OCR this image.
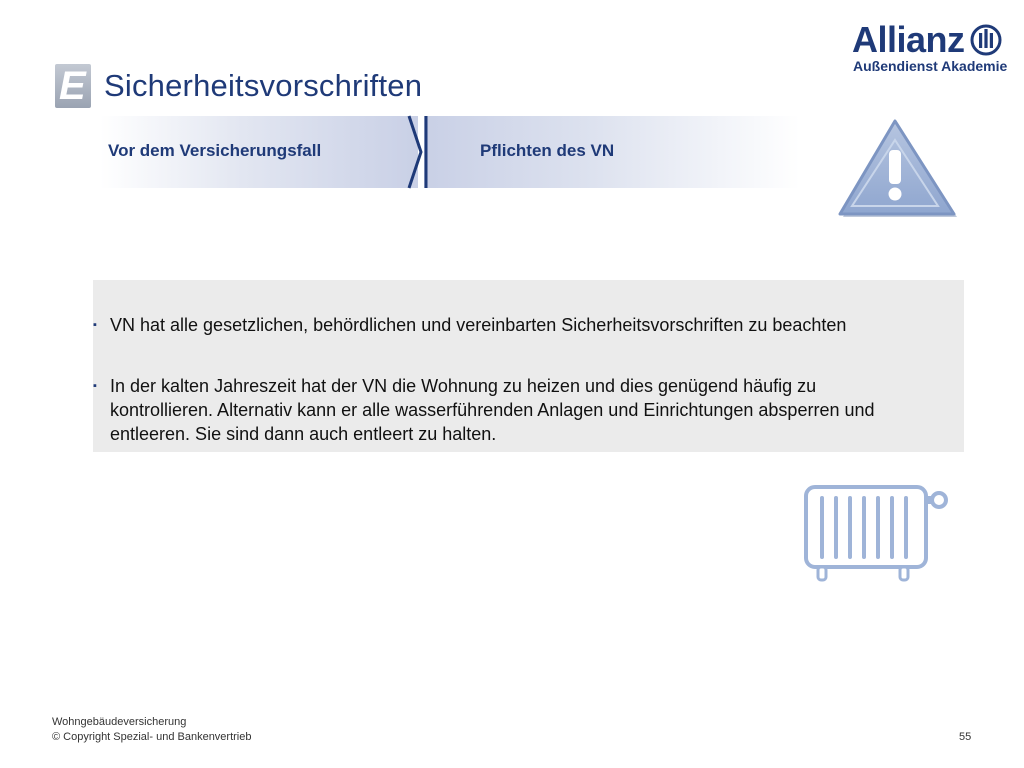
E Sicherheitsvorschriften
Allianz
Außendienst Akademie
Vor dem Versicherungsfall	Pflichten des VN
▪ VN hat alle gesetzlichen, behördlichen und vereinbarten Sicherheitsvorschriften zu beachten
▪ In der kalten Jahreszeit hat der VN die Wohnung zu heizen und dies genügend häufig zu
kontrollieren. Alternativ kann er alle wasserführenden Anlagen und Einrichtungen absperren und
entleeren. Sie sind dann auch entleert zu halten.
Wohngebäudeversicherung
© Copyright Spezial- und Bankenvertrieb	55
